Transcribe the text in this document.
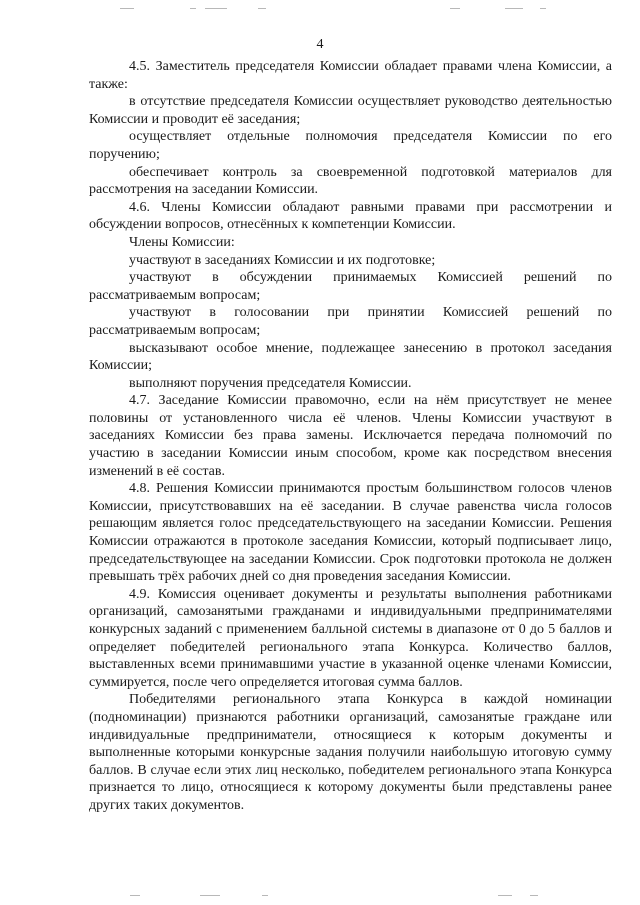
4

4.5. Заместитель председателя Комиссии обладает правами члена Комиссии, а также:

в отсутствие председателя Комиссии осуществляет руководство деятельностью Комиссии и проводит её заседания;

осуществляет отдельные полномочия председателя Комиссии по его поручению;

обеспечивает контроль за своевременной подготовкой материалов для рассмотрения на заседании Комиссии.

4.6. Члены Комиссии обладают равными правами при рассмотрении и обсуждении вопросов, отнесённых к компетенции Комиссии.

Члены Комиссии:

участвуют в заседаниях Комиссии и их подготовке;

участвуют в обсуждении принимаемых Комиссией решений по рассматриваемым вопросам;

участвуют в голосовании при принятии Комиссией решений по рассматриваемым вопросам;

высказывают особое мнение, подлежащее занесению в протокол заседания Комиссии;

выполняют поручения председателя Комиссии.

4.7. Заседание Комиссии правомочно, если на нём присутствует не менее половины от установленного числа её членов. Члены Комиссии участвуют в заседаниях Комиссии без права замены. Исключается передача полномочий по участию в заседании Комиссии иным способом, кроме как посредством внесения изменений в её состав.

4.8. Решения Комиссии принимаются простым большинством голосов членов Комиссии, присутствовавших на её заседании. В случае равенства числа голосов решающим является голос председательствующего на заседании Комиссии. Решения Комиссии отражаются в протоколе заседания Комиссии, который подписывает лицо, председательствующее на заседании Комиссии. Срок подготовки протокола не должен превышать трёх рабочих дней со дня проведения заседания Комиссии.

4.9. Комиссия оценивает документы и результаты выполнения работниками организаций, самозанятыми гражданами и индивидуальными предпринимателями конкурсных заданий с применением балльной системы в диапазоне от 0 до 5 баллов и определяет победителей регионального этапа Конкурса. Количество баллов, выставленных всеми принимавшими участие в указанной оценке членами Комиссии, суммируется, после чего определяется итоговая сумма баллов.

Победителями регионального этапа Конкурса в каждой номинации (подноминации) признаются работники организаций, самозанятые граждане или индивидуальные предприниматели, относящиеся к которым документы и выполненные которыми конкурсные задания получили наибольшую итоговую сумму баллов. В случае если этих лиц несколько, победителем регионального этапа Конкурса признается то лицо, относящиеся к которому документы были представлены ранее других таких документов.
